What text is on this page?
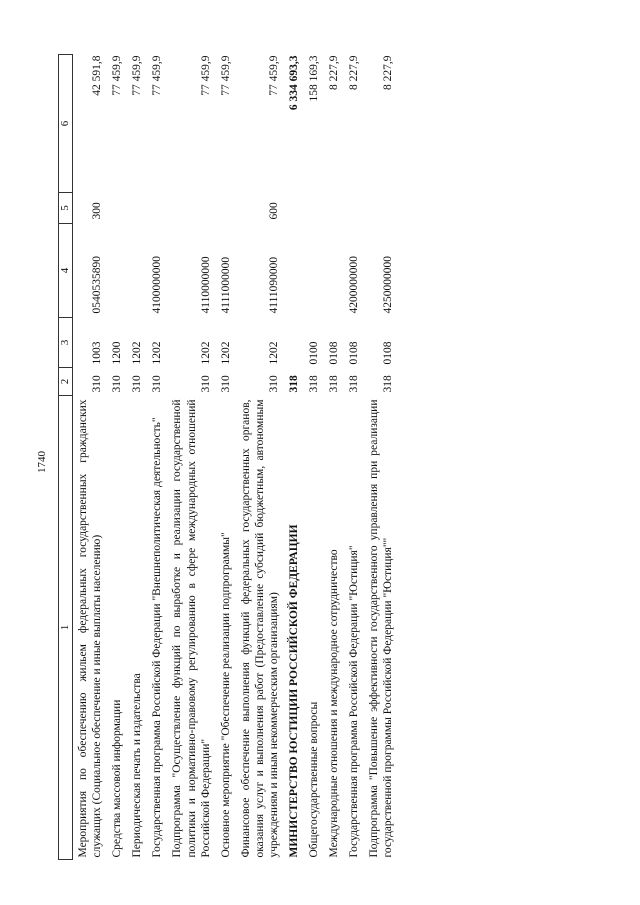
1740
1	2	3	4	5	6
Мероприятия по обеспечению жильем федеральных государственных гражданских служащих (Социальное обеспечение и иные выплаты населению)	310	1003	0540535890	300	42 591,8
Средства массовой информации	310	1200			77 459,9
Периодическая печать и издательства	310	1202			77 459,9
Государственная программа Российской Федерации "Внешнеполитическая деятельность"	310	1202	4100000000		77 459,9
Подпрограмма "Осуществление функций по выработке и реализации государственной политики и нормативно-правовому регулированию в сфере международных отношений Российской Федерации"	310	1202	4110000000		77 459,9
Основное мероприятие "Обеспечение реализации подпрограммы"	310	1202	4111000000		77 459,9
Финансовое обеспечение выполнения функций федеральных государственных органов, оказания услуг и выполнения работ (Предоставление субсидий бюджетным, автономным учреждениям и иным некоммерческим организациям)	310	1202	4111090000	600	77 459,9
МИНИСТЕРСТВО ЮСТИЦИИ РОССИЙСКОЙ ФЕДЕРАЦИИ	318				6 334 693,3
Общегосударственные вопросы	318	0100			158 169,3
Международные отношения и международное сотрудничество	318	0108			8 227,9
Государственная программа Российской Федерации "Юстиция"	318	0108	4200000000		8 227,9
Подпрограмма "Повышение эффективности государственного управления при реализации государственной программы Российской Федерации "Юстиция""	318	0108	4250000000		8 227,9
